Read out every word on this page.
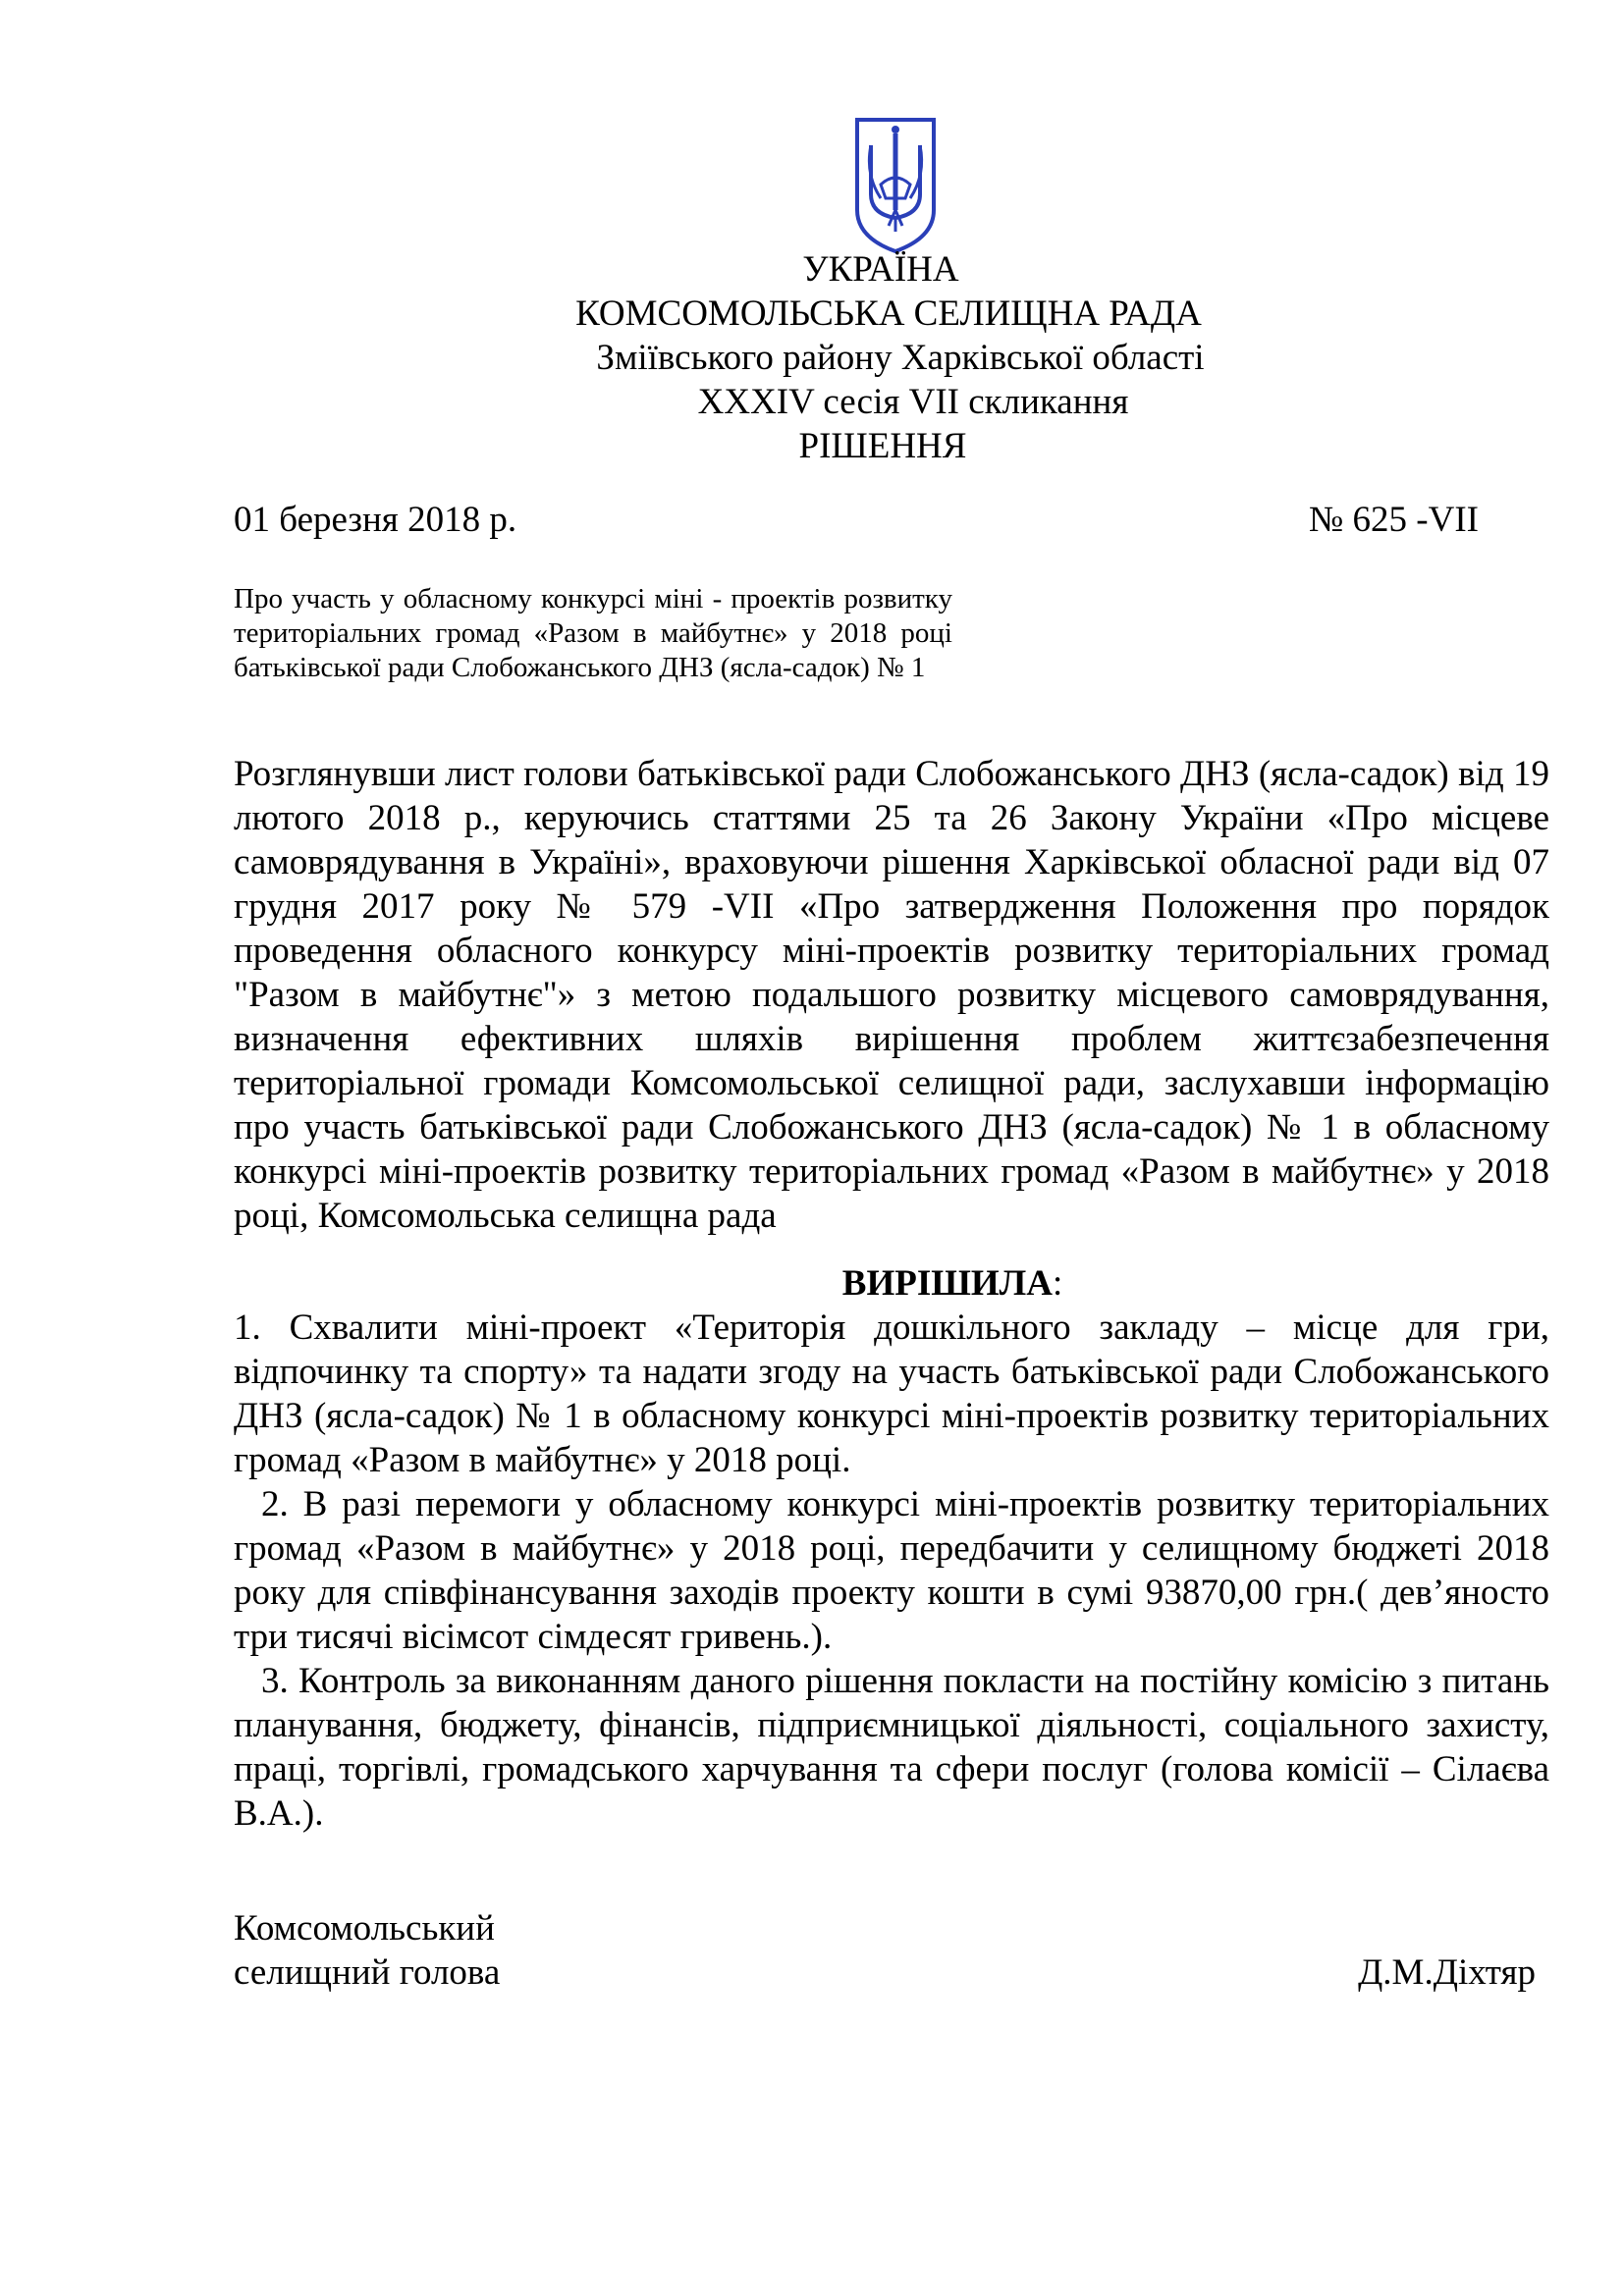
УКРАЇНА
КОМСОМОЛЬСЬКА СЕЛИЩНА РАДА
Зміївського району Харківської області
XXXIV сесія VII скликання
РІШЕННЯ
01 березня 2018 р.	№ 625 -VII
Про участь у обласному конкурсі міні - проектів розвитку територіальних громад «Разом в майбутнє» у 2018 році батьківської ради Слобожанського ДНЗ (ясла-садок) № 1
Розглянувши лист голови батьківської ради Слобожанського ДНЗ (ясла-садок) від 19 лютого 2018 р., керуючись статтями 25 та 26 Закону України «Про місцеве самоврядування в Україні», враховуючи рішення Харківської обласної ради від 07 грудня 2017 року № 579 -VII «Про затвердження Положення про порядок проведення обласного конкурсу міні-проектів розвитку територіальних громад "Разом в майбутнє"» з метою подальшого розвитку місцевого самоврядування, визначення ефективних шляхів вирішення проблем життєзабезпечення територіальної громади Комсомольської селищної ради, заслухавши інформацію про участь батьківської ради Слобожанського ДНЗ (ясла-садок) № 1 в обласному конкурсі міні-проектів розвитку територіальних громад «Разом в майбутнє» у 2018 році, Комсомольська селищна рада
ВИРІШИЛА:

1. Схвалити міні-проект «Територія дошкільного закладу – місце для гри, відпочинку та спорту» та надати згоду на участь батьківської ради Слобожанського ДНЗ (ясла-садок) № 1 в обласному конкурсі міні-проектів розвитку територіальних громад «Разом в майбутнє» у 2018 році.

2. В разі перемоги у обласному конкурсі міні-проектів розвитку територіальних громад «Разом в майбутнє» у 2018 році, передбачити у селищному бюджеті 2018 року для співфінансування заходів проекту кошти в сумі 93870,00 грн.( дев’яносто три тисячі вісімсот сімдесят гривень.).

3. Контроль за виконанням даного рішення покласти на постійну комісію з питань планування, бюджету, фінансів, підприємницької діяльності, соціального захисту, праці, торгівлі, громадського харчування та сфери послуг (голова комісії – Сілаєва В.А.).

Комсомольський
селищний голова	Д.М.Діхтяр
